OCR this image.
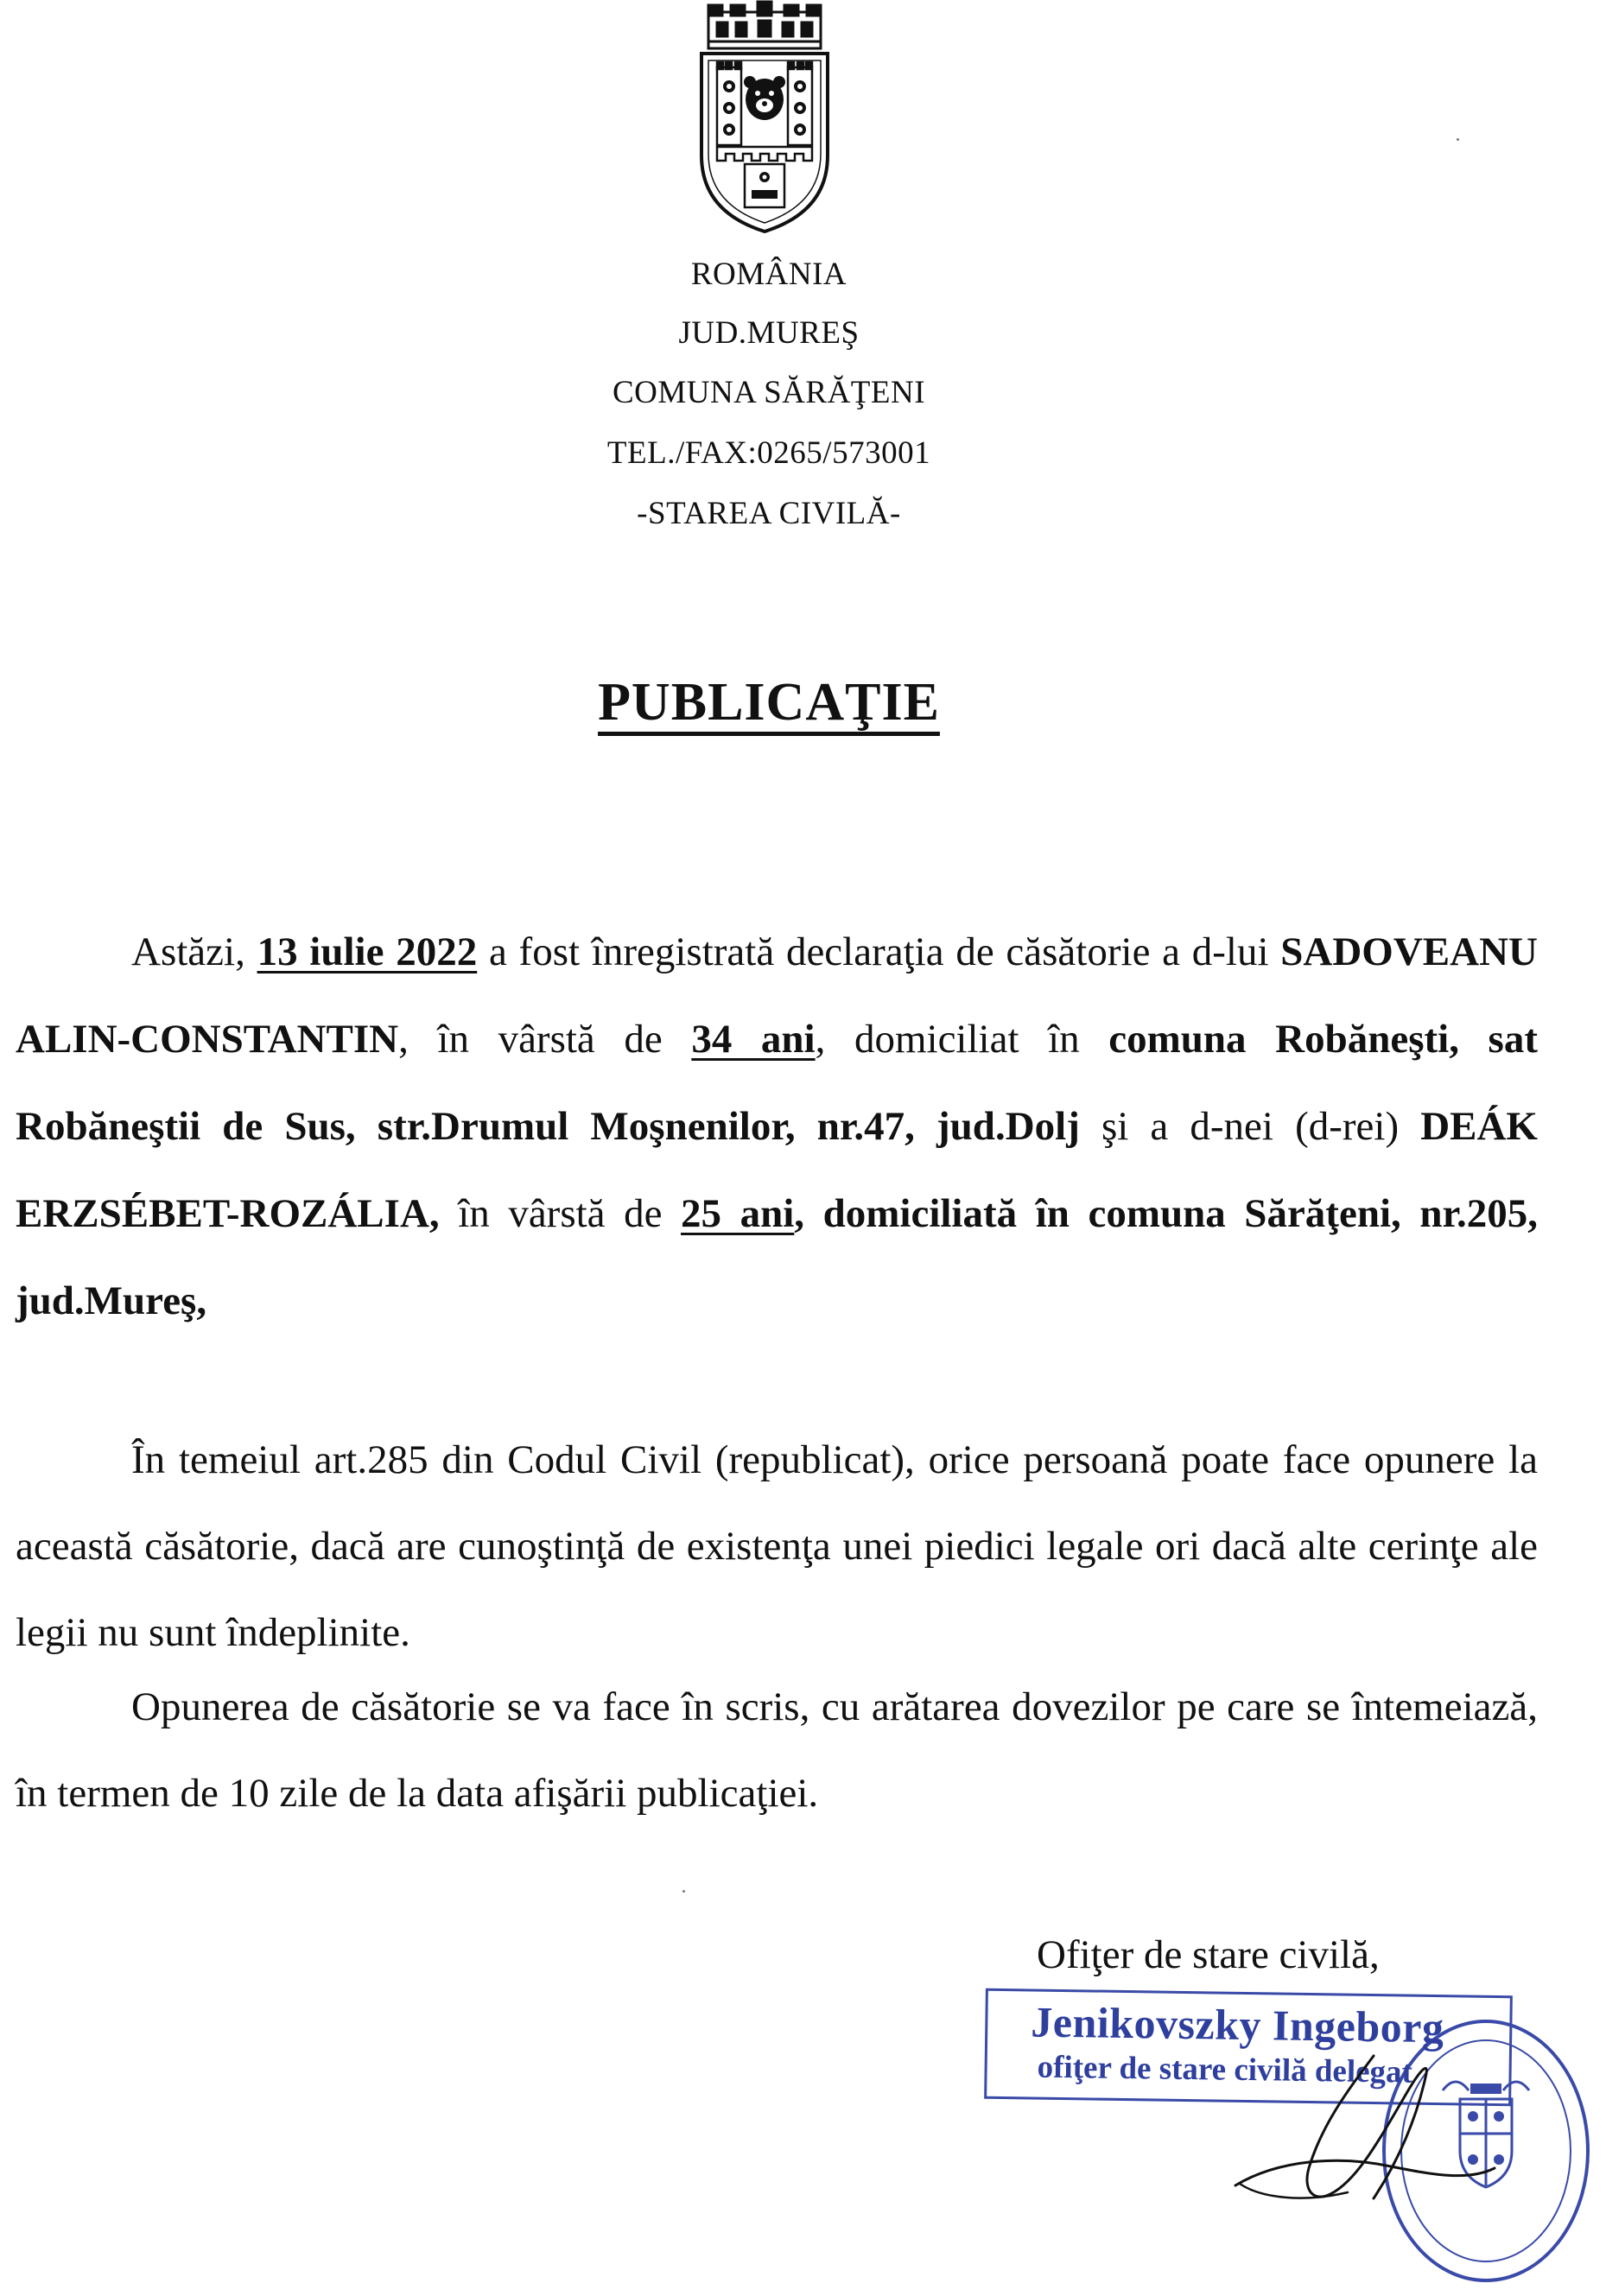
ROMÂNIA
JUD.MUREŞ
COMUNA SĂRĂŢENI
TEL./FAX:0265/573001
-STAREA CIVILĂ-
PUBLICAŢIE
Astăzi, 13 iulie 2022 a fost înregistrată declaraţia de căsătorie a d-lui SADOVEANU ALIN-CONSTANTIN, în vârstă de 34 ani, domiciliat în comuna Robăneşti, sat Robăneştii de Sus, str.Drumul Moşnenilor, nr.47, jud.Dolj şi a d-nei (d-rei) DEÁK ERZSÉBET-ROZÁLIA, în vârstă de 25 ani, domiciliată în comuna Sărăţeni, nr.205, jud.Mureş,
În temeiul art.285 din Codul Civil (republicat), orice persoană poate face opunere la această căsătorie, dacă are cunoştinţă de existenţa unei piedici legale ori dacă alte cerinţe ale legii nu sunt îndeplinite.
Opunerea de căsătorie se va face în scris, cu arătarea dovezilor pe care se întemeiază, în termen de 10 zile de la data afişării publicaţiei.
Ofiţer de stare civilă,
Jenikovszky Ingeborg
ofiţer de stare civilă delegat
